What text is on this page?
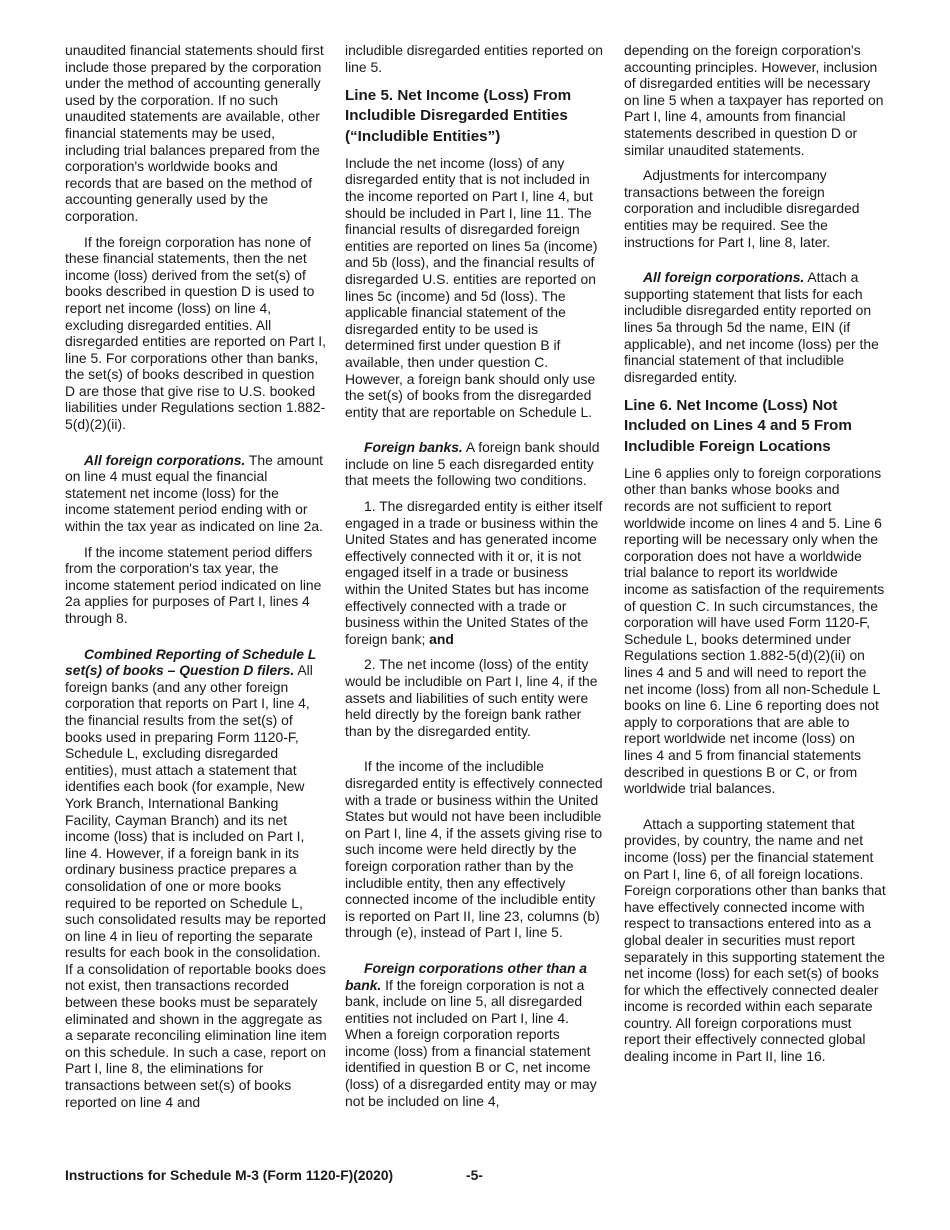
unaudited financial statements should first include those prepared by the corporation under the method of accounting generally used by the corporation. If no such unaudited statements are available, other financial statements may be used, including trial balances prepared from the corporation's worldwide books and records that are based on the method of accounting generally used by the corporation.

If the foreign corporation has none of these financial statements, then the net income (loss) derived from the set(s) of books described in question D is used to report net income (loss) on line 4, excluding disregarded entities. All disregarded entities are reported on Part I, line 5. For corporations other than banks, the set(s) of books described in question D are those that give rise to U.S. booked liabilities under Regulations section 1.882-5(d)(2)(ii).

All foreign corporations. The amount on line 4 must equal the financial statement net income (loss) for the income statement period ending with or within the tax year as indicated on line 2a.

If the income statement period differs from the corporation's tax year, the income statement period indicated on line 2a applies for purposes of Part I, lines 4 through 8.

Combined Reporting of Schedule L set(s) of books – Question D filers. All foreign banks (and any other foreign corporation that reports on Part I, line 4, the financial results from the set(s) of books used in preparing Form 1120-F, Schedule L, excluding disregarded entities), must attach a statement that identifies each book (for example, New York Branch, International Banking Facility, Cayman Branch) and its net income (loss) that is included on Part I, line 4. However, if a foreign bank in its ordinary business practice prepares a consolidation of one or more books required to be reported on Schedule L, such consolidated results may be reported on line 4 in lieu of reporting the separate results for each book in the consolidation. If a consolidation of reportable books does not exist, then transactions recorded between these books must be separately eliminated and shown in the aggregate as a separate reconciling elimination line item on this schedule. In such a case, report on Part I, line 8, the eliminations for transactions between set(s) of books reported on line 4 and

includible disregarded entities reported on line 5.

Line 5. Net Income (Loss) From Includible Disregarded Entities (“Includible Entities”)

Include the net income (loss) of any disregarded entity that is not included in the income reported on Part I, line 4, but should be included in Part I, line 11. The financial results of disregarded foreign entities are reported on lines 5a (income) and 5b (loss), and the financial results of disregarded U.S. entities are reported on lines 5c (income) and 5d (loss). The applicable financial statement of the disregarded entity to be used is determined first under question B if available, then under question C. However, a foreign bank should only use the set(s) of books from the disregarded entity that are reportable on Schedule L.

Foreign banks. A foreign bank should include on line 5 each disregarded entity that meets the following two conditions.

1. The disregarded entity is either itself engaged in a trade or business within the United States and has generated income effectively connected with it or, it is not engaged itself in a trade or business within the United States but has income effectively connected with a trade or business within the United States of the foreign bank; and

2. The net income (loss) of the entity would be includible on Part I, line 4, if the assets and liabilities of such entity were held directly by the foreign bank rather than by the disregarded entity.

If the income of the includible disregarded entity is effectively connected with a trade or business within the United States but would not have been includible on Part I, line 4, if the assets giving rise to such income were held directly by the foreign corporation rather than by the includible entity, then any effectively connected income of the includible entity is reported on Part II, line 23, columns (b) through (e), instead of Part I, line 5.

Foreign corporations other than a bank. If the foreign corporation is not a bank, include on line 5, all disregarded entities not included on Part I, line 4. When a foreign corporation reports income (loss) from a financial statement identified in question B or C, net income (loss) of a disregarded entity may or may not be included on line 4,

depending on the foreign corporation's accounting principles. However, inclusion of disregarded entities will be necessary on line 5 when a taxpayer has reported on Part I, line 4, amounts from financial statements described in question D or similar unaudited statements.

Adjustments for intercompany transactions between the foreign corporation and includible disregarded entities may be required. See the instructions for Part I, line 8, later.

All foreign corporations. Attach a supporting statement that lists for each includible disregarded entity reported on lines 5a through 5d the name, EIN (if applicable), and net income (loss) per the financial statement of that includible disregarded entity.

Line 6. Net Income (Loss) Not Included on Lines 4 and 5 From Includible Foreign Locations

Line 6 applies only to foreign corporations other than banks whose books and records are not sufficient to report worldwide income on lines 4 and 5. Line 6 reporting will be necessary only when the corporation does not have a worldwide trial balance to report its worldwide income as satisfaction of the requirements of question C. In such circumstances, the corporation will have used Form 1120-F, Schedule L, books determined under Regulations section 1.882-5(d)(2)(ii) on lines 4 and 5 and will need to report the net income (loss) from all non-Schedule L books on line 6. Line 6 reporting does not apply to corporations that are able to report worldwide net income (loss) on lines 4 and 5 from financial statements described in questions B or C, or from worldwide trial balances.

Attach a supporting statement that provides, by country, the name and net income (loss) per the financial statement on Part I, line 6, of all foreign locations. Foreign corporations other than banks that have effectively connected income with respect to transactions entered into as a global dealer in securities must report separately in this supporting statement the net income (loss) for each set(s) of books for which the effectively connected dealer income is recorded within each separate country. All foreign corporations must report their effectively connected global dealing income in Part II, line 16.

Instructions for Schedule M-3 (Form 1120-F)(2020)	-5-
